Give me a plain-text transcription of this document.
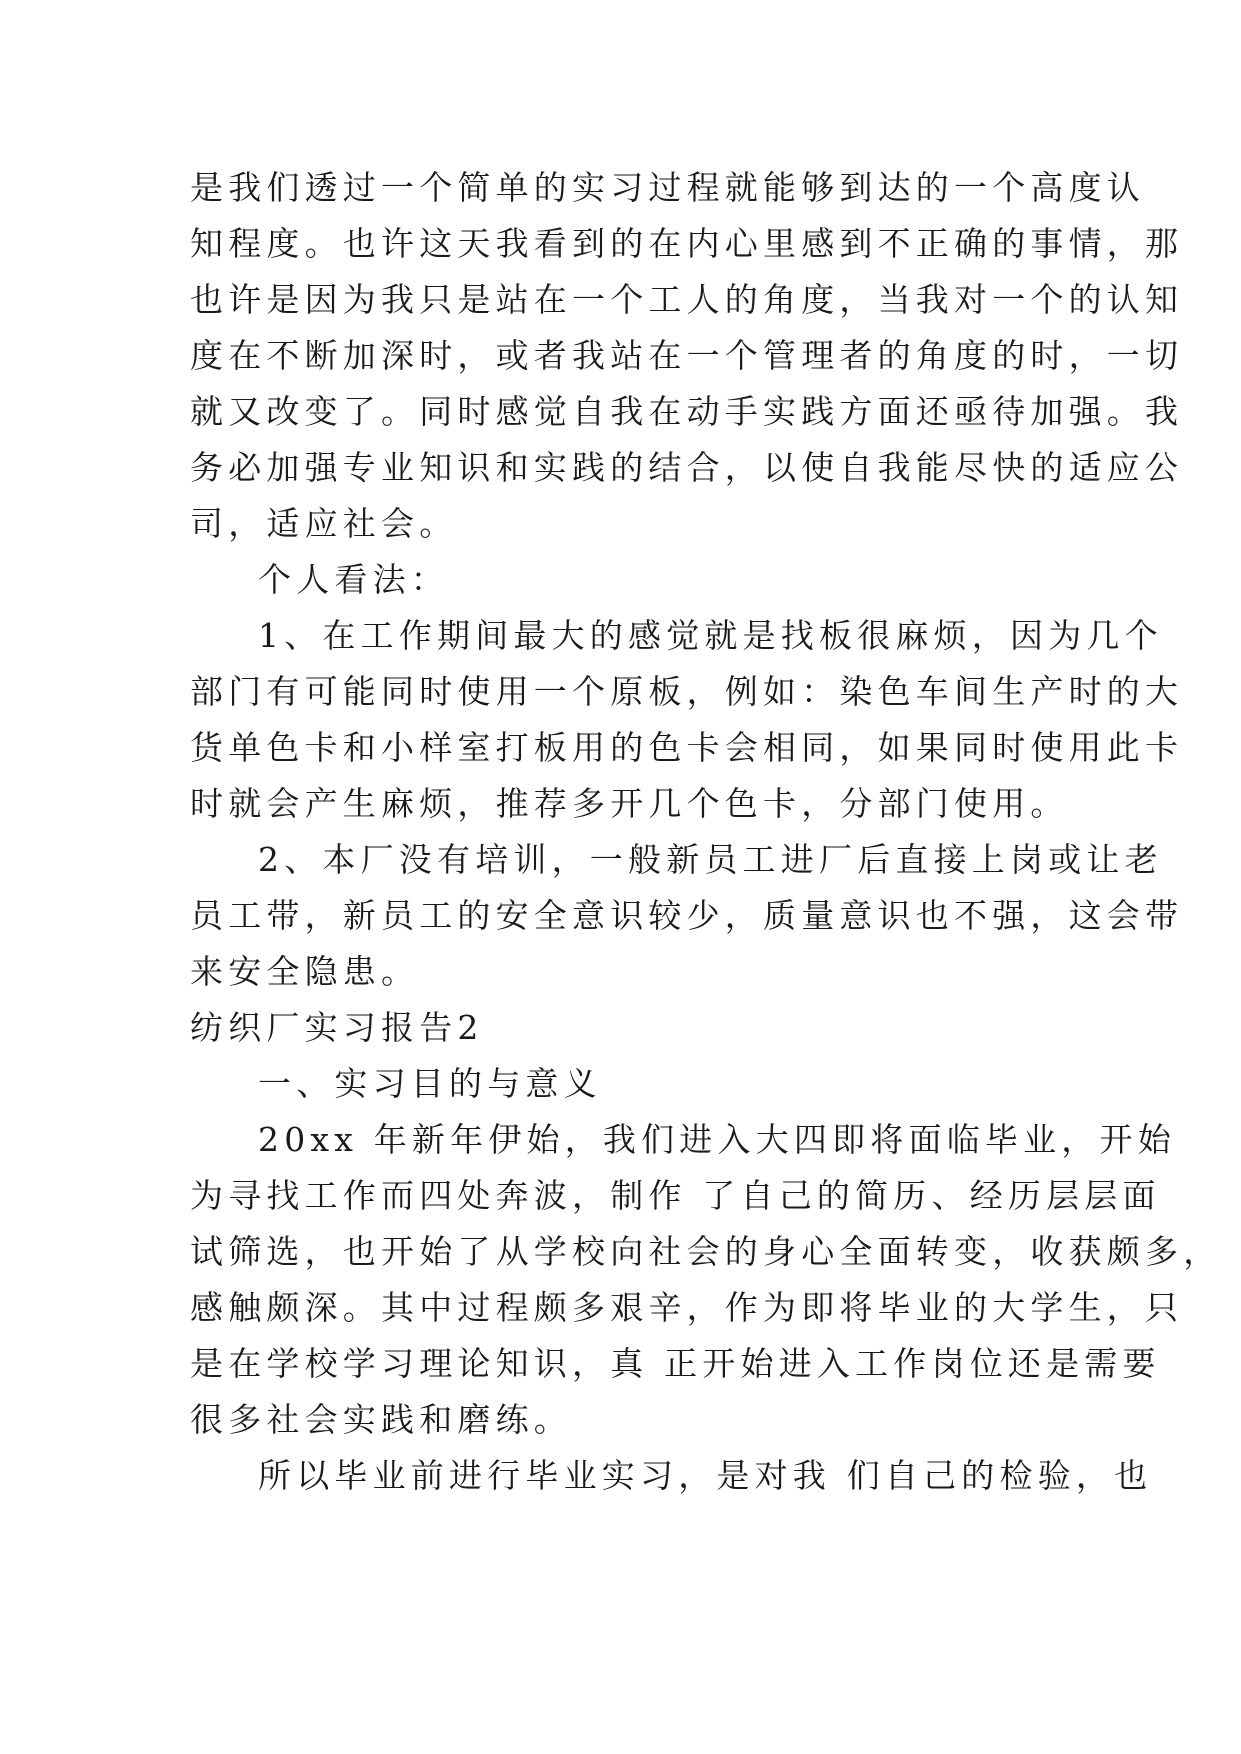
是我们透过一个简单的实习过程就能够到达的一个高度认
知程度。也许这天我看到的在内心里感到不正确的事情，那
也许是因为我只是站在一个工人的角度，当我对一个的认知
度在不断加深时，或者我站在一个管理者的角度的时，一切
就又改变了。同时感觉自我在动手实践方面还亟待加强。我
务必加强专业知识和实践的结合，以使自我能尽快的适应公
司，适应社会。
个人看法：
1、在工作期间最大的感觉就是找板很麻烦，因为几个
部门有可能同时使用一个原板，例如：染色车间生产时的大
货单色卡和小样室打板用的色卡会相同，如果同时使用此卡
时就会产生麻烦，推荐多开几个色卡，分部门使用。
2、本厂没有培训，一般新员工进厂后直接上岗或让老
员工带，新员工的安全意识较少，质量意识也不强，这会带
来安全隐患。
纺织厂实习报告2
一、实习目的与意义
20xx 年新年伊始，我们进入大四即将面临毕业，开始
为寻找工作而四处奔波，制作 了自己的简历、经历层层面
试筛选，也开始了从学校向社会的身心全面转变，收获颇多，
感触颇深。其中过程颇多艰辛，作为即将毕业的大学生，只
是在学校学习理论知识，真 正开始进入工作岗位还是需要
很多社会实践和磨练。
所以毕业前进行毕业实习，是对我 们自己的检验，也
